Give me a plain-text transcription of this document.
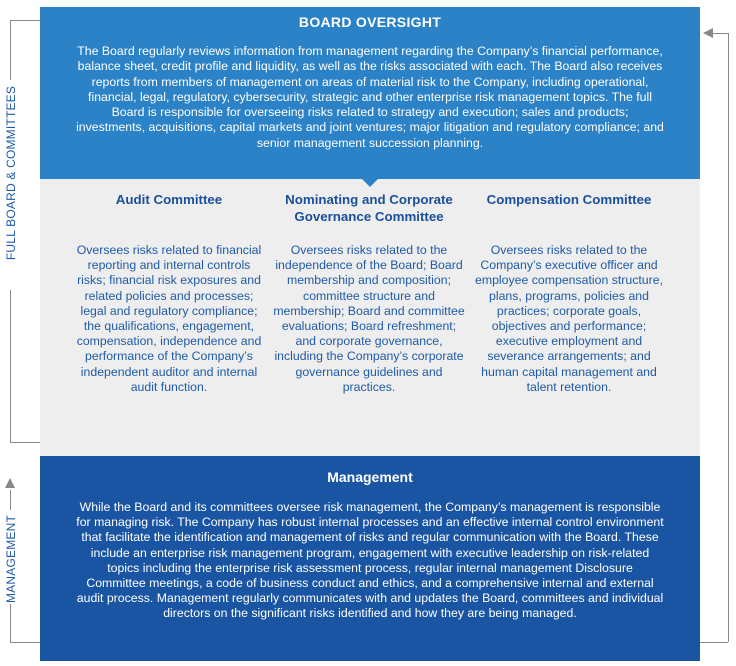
FULL BOARD & COMMITTEES
MANAGEMENT
BOARD OVERSIGHT
The Board regularly reviews information from management regarding the Company’s financial performance, balance sheet, credit profile and liquidity, as well as the risks associated with each. The Board also receives reports from members of management on areas of material risk to the Company, including operational, financial, legal, regulatory, cybersecurity, strategic and other enterprise risk management topics. The full Board is responsible for overseeing risks related to strategy and execution; sales and products; investments, acquisitions, capital markets and joint ventures; major litigation and regulatory compliance; and senior management succession planning.
Audit Committee
Oversees risks related to financial reporting and internal controls risks; financial risk exposures and related policies and processes; legal and regulatory compliance; the qualifications, engagement, compensation, independence and performance of the Company’s independent auditor and internal audit function.
Nominating and Corporate Governance Committee
Oversees risks related to the independence of the Board; Board membership and composition; committee structure and membership; Board and committee evaluations; Board refreshment; and corporate governance, including the Company’s corporate governance guidelines and practices.
Compensation Committee
Oversees risks related to the Company’s executive officer and employee compensation structure, plans, programs, policies and practices; corporate goals, objectives and performance; executive employment and severance arrangements; and human capital management and talent retention.
Management
While the Board and its committees oversee risk management, the Company’s management is responsible for managing risk. The Company has robust internal processes and an effective internal control environment that facilitate the identification and management of risks and regular communication with the Board. These include an enterprise risk management program, engagement with executive leadership on risk-related topics including the enterprise risk assessment process, regular internal management Disclosure Committee meetings, a code of business conduct and ethics, and a comprehensive internal and external audit process. Management regularly communicates with and updates the Board, committees and individual directors on the significant risks identified and how they are being managed.
